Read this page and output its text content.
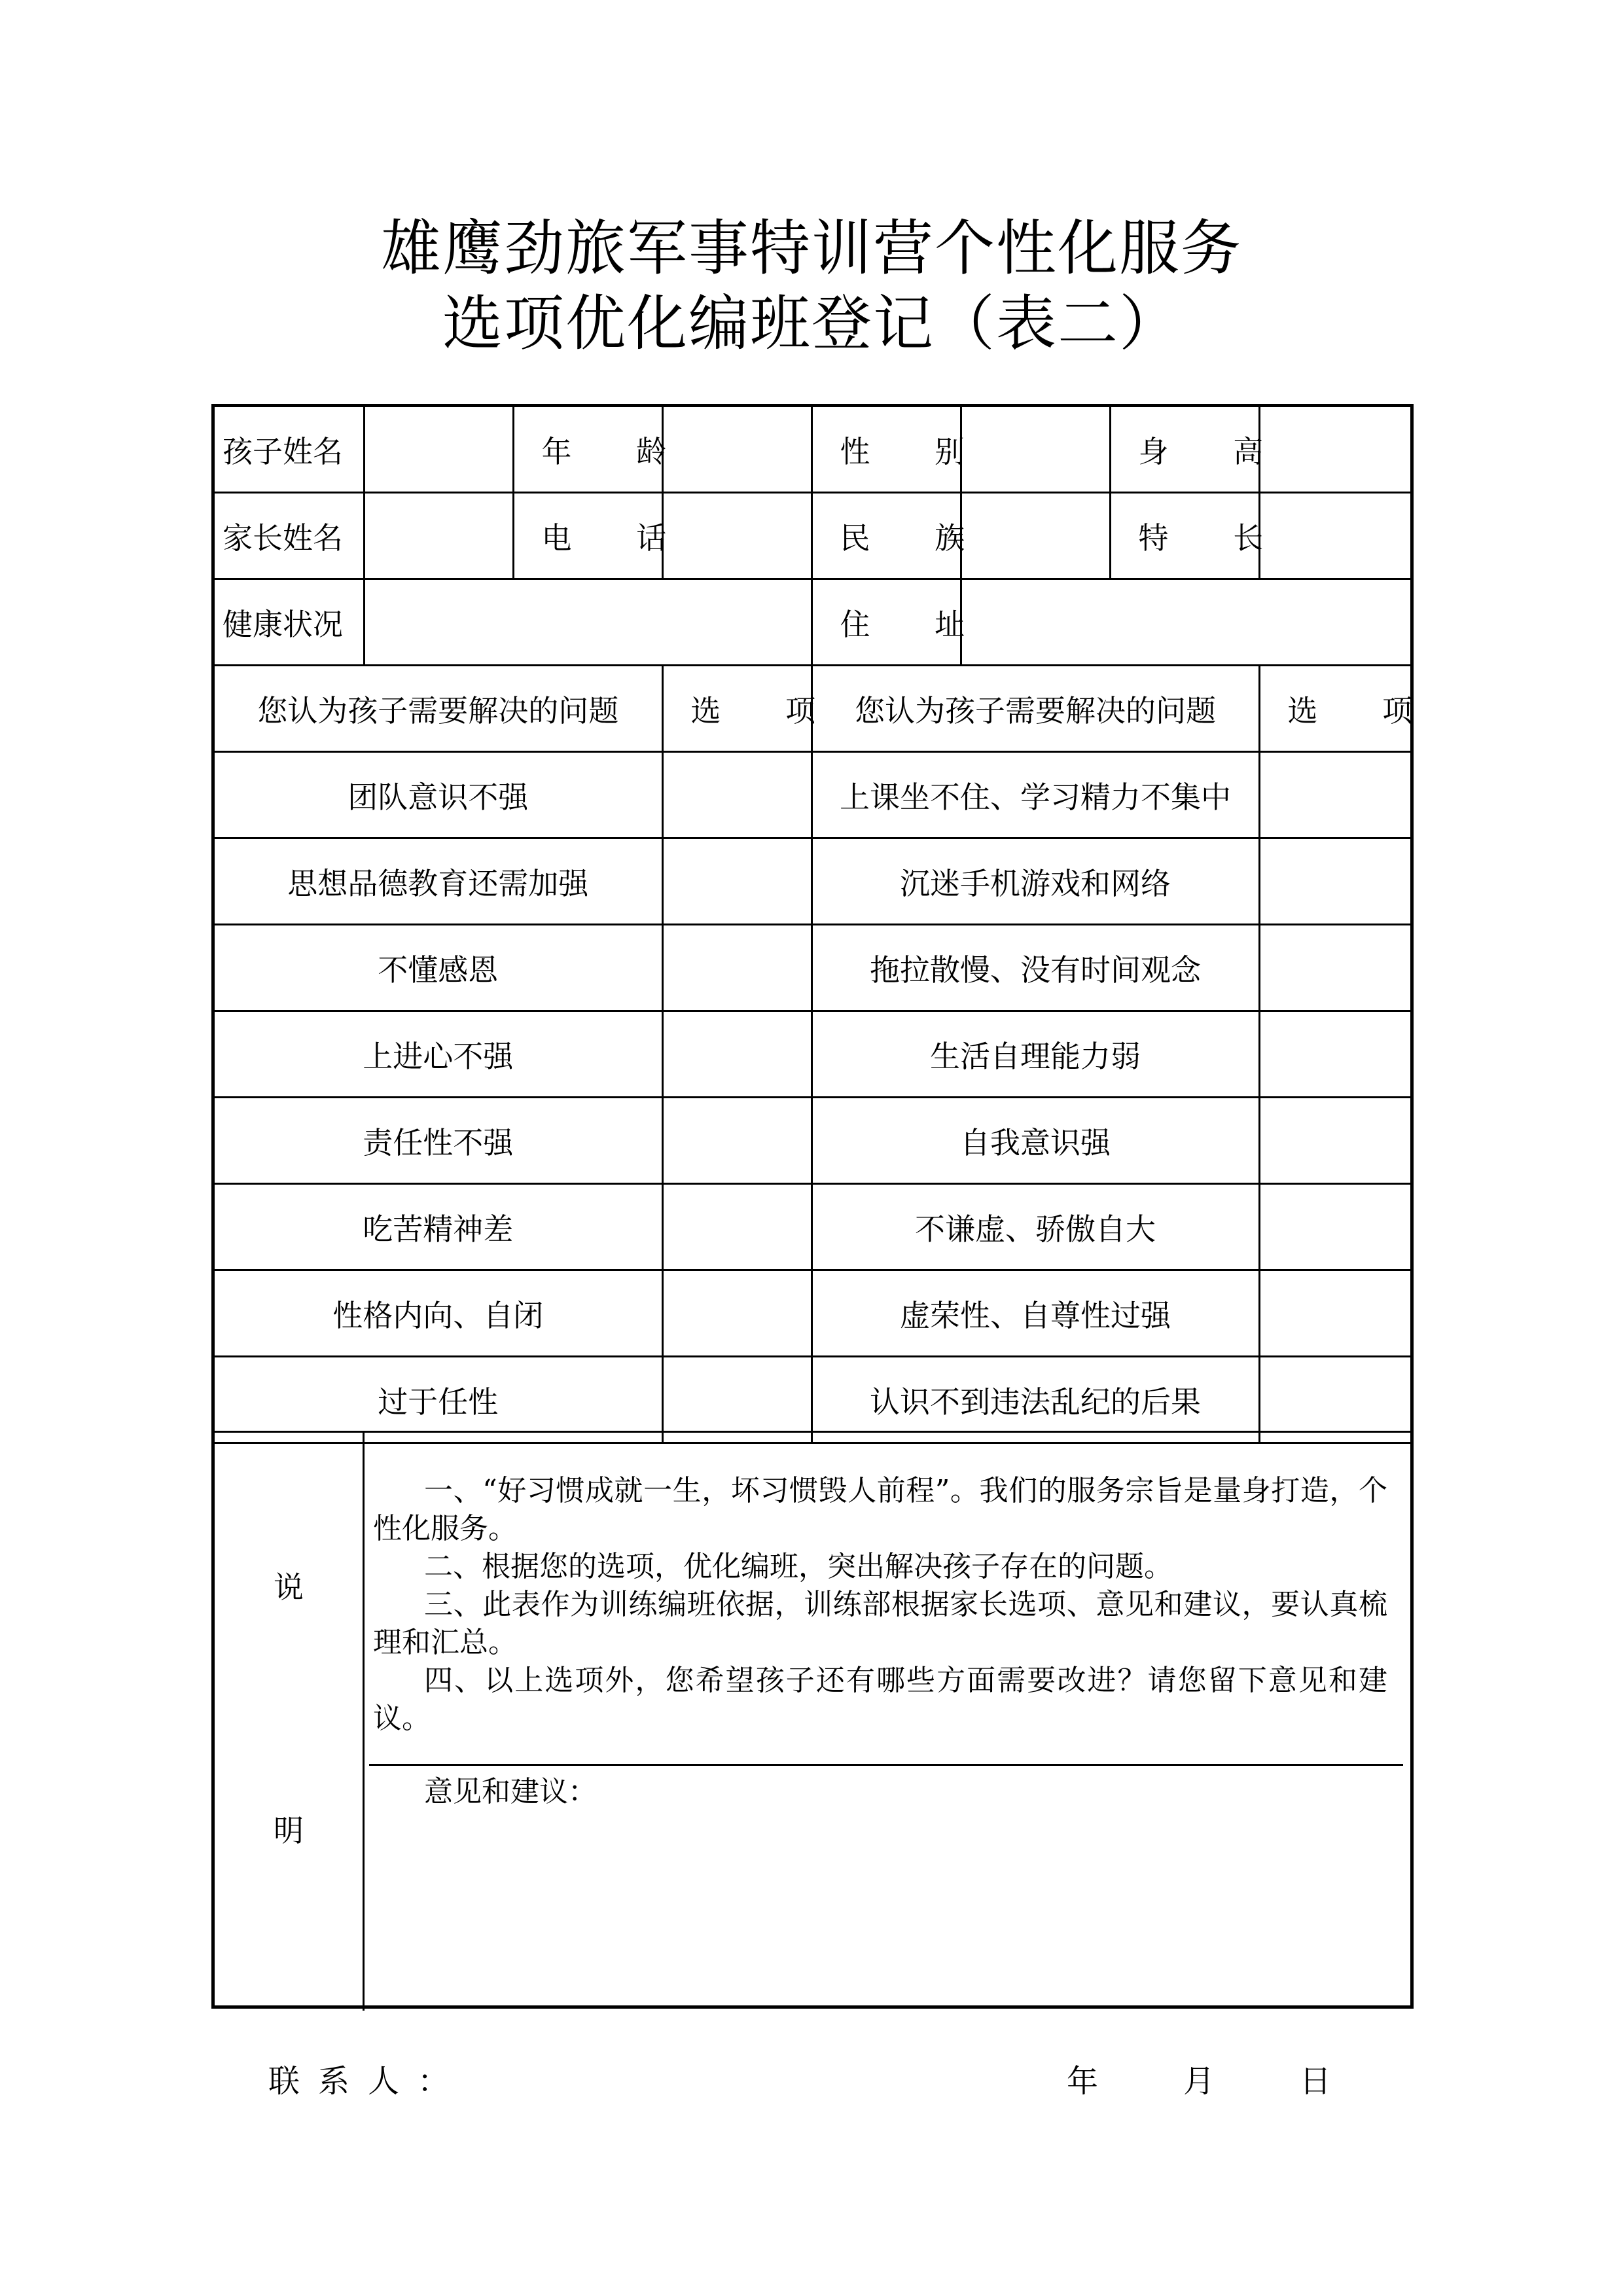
雄鹰劲旅军事特训营个性化服务
选项优化编班登记（表二）
孩子姓名		年 龄		性 别		身 高	
家长姓名		电 话		民 族		特 长	
健康状况				住 址			
您认为孩子需要解决的问题			选 项	您认为孩子需要解决的问题			选 项
团队意识不强				上课坐不住、学习精力不集中			
思想品德教育还需加强				沉迷手机游戏和网络			
不懂感恩				拖拉散慢、没有时间观念			
上进心不强				生活自理能力弱			
责任性不强				自我意识强			
吃苦精神差				不谦虚、骄傲自大			
性格内向、自闭				虚荣性、自尊性过强			
过于任性				认识不到违法乱纪的后果			
说
明

一、“好习惯成就一生，坏习惯毁人前程”。我们的服务宗旨是量身打造，个性化服务。

二、根据您的选项，优化编班，突出解决孩子存在的问题。

三、此表作为训练编班依据，训练部根据家长选项、意见和建议，要认真梳理和汇总。

四、以上选项外，您希望孩子还有哪些方面需要改进？请您留下意见和建议。

意见和建议：
联系人：	年	月	日
